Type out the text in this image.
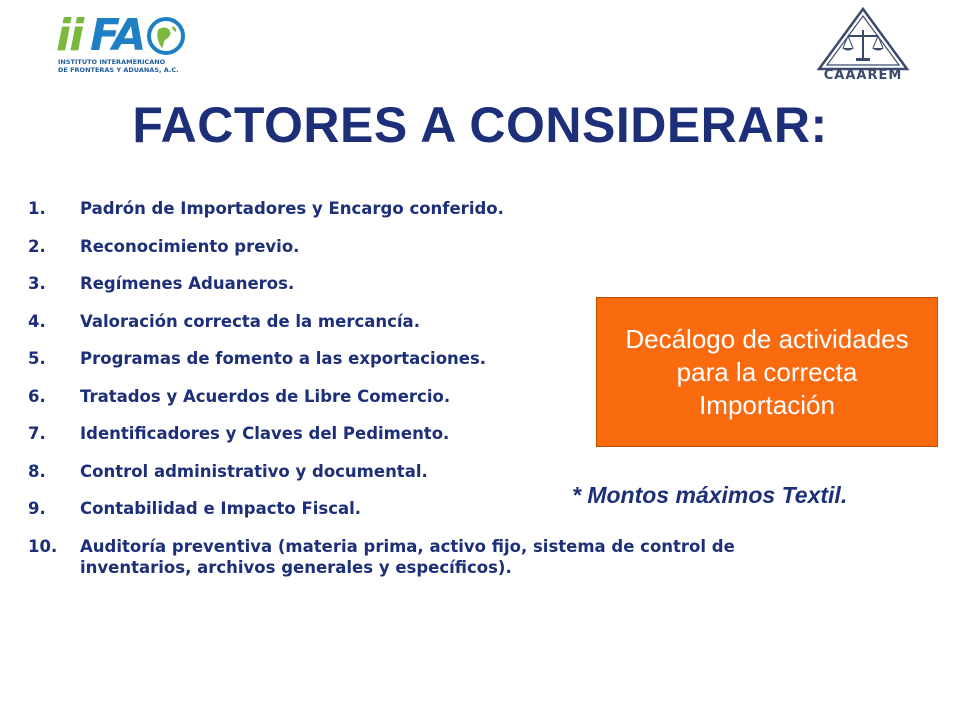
ii FA
INSTITUTO INTERAMERICANO
DE FRONTERAS Y ADUANAS, A.C.	CAAAREM
FACTORES A CONSIDERAR:
1. Padrón de Importadores y Encargo conferido.
2. Reconocimiento previo.
3. Regímenes Aduaneros.
4. Valoración correcta de la mercancía.
5. Programas de fomento a las exportaciones.
6. Tratados y Acuerdos de Libre Comercio.
7. Identificadores y Claves del Pedimento.
8. Control administrativo y documental.
9. Contabilidad e Impacto Fiscal.
10. Auditoría preventiva (materia prima, activo fijo, sistema de control de inventarios, archivos generales y específicos).
Decálogo de actividades para la correcta Importación
* Montos máximos Textil.
